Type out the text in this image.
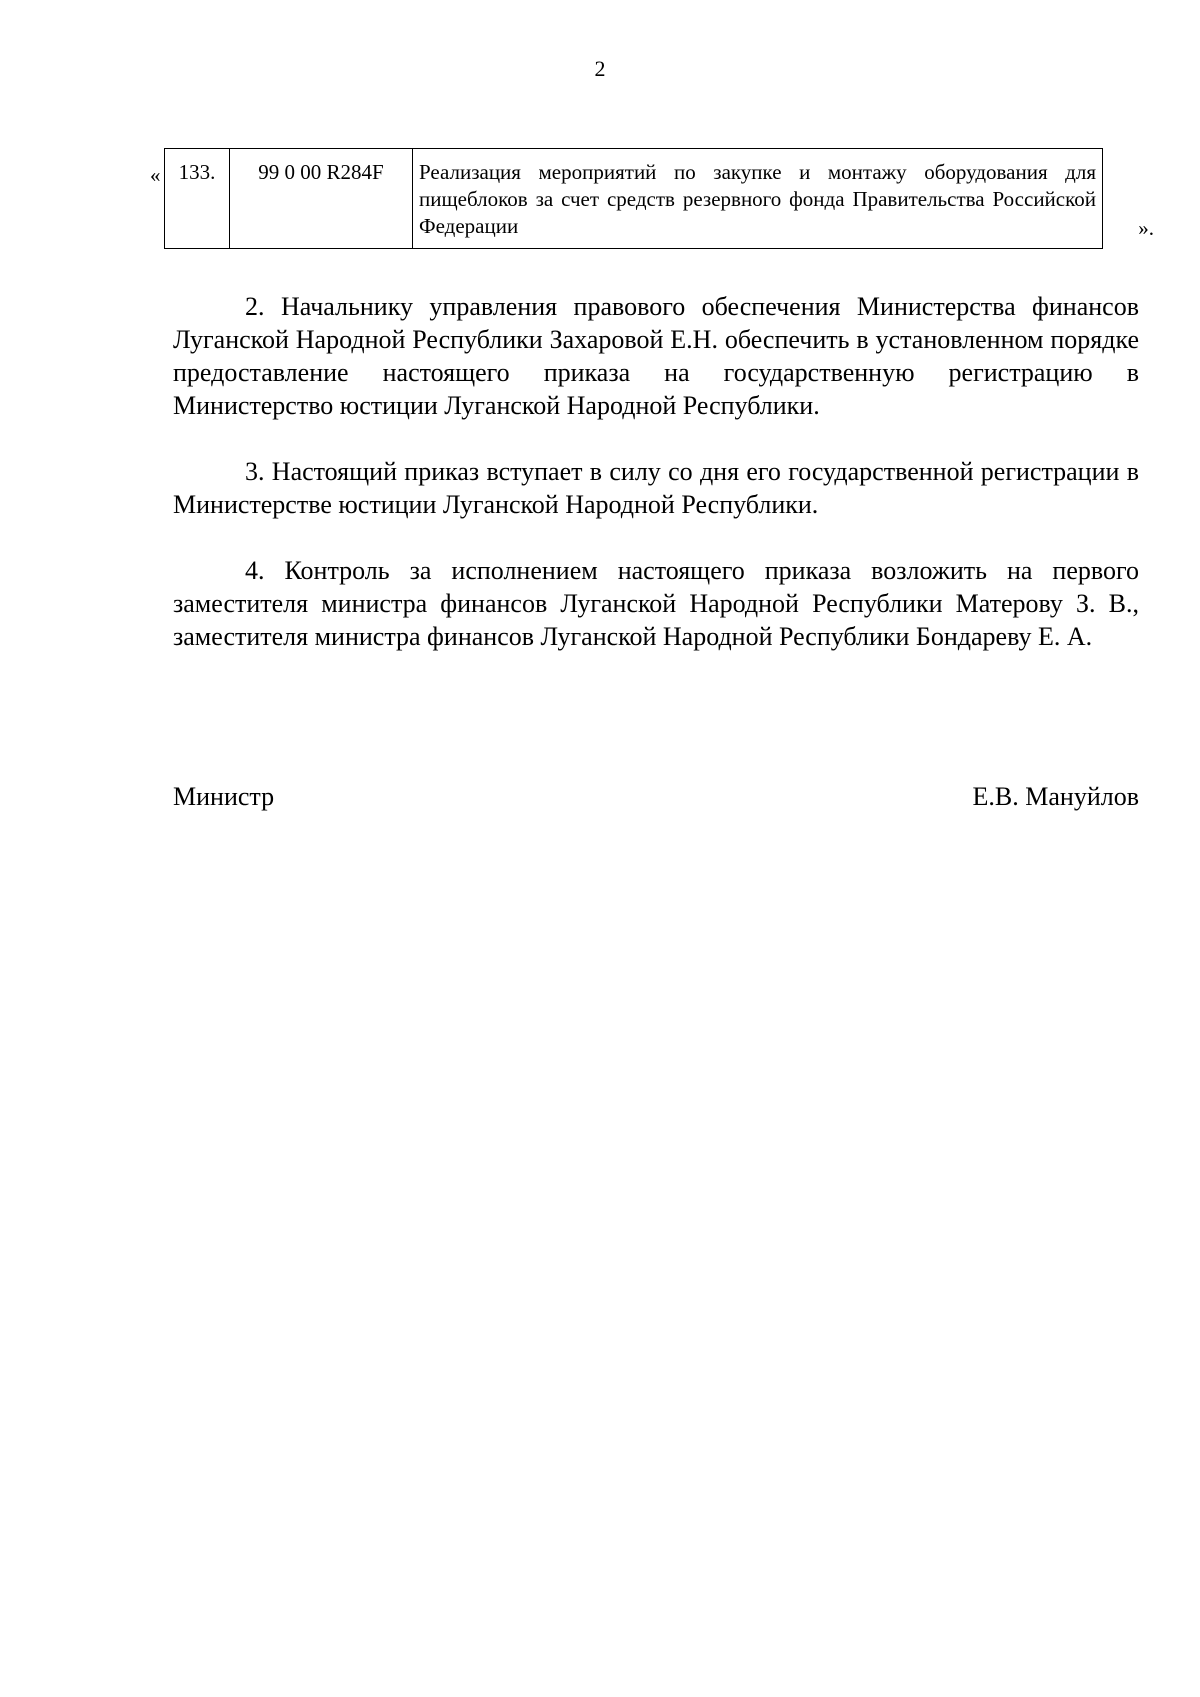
2
« 133.	99 0 00 R284F	Реализация мероприятий по закупке и монтажу оборудования для пищеблоков за счет средств резервного фонда Правительства Российской Федерации	».

2. Начальнику управления правового обеспечения Министерства финансов Луганской Народной Республики Захаровой Е.Н. обеспечить в установленном порядке предоставление настоящего приказа на государственную регистрацию в Министерство юстиции Луганской Народной Республики.

3. Настоящий приказ вступает в силу со дня его государственной регистрации в Министерстве юстиции Луганской Народной Республики.

4. Контроль за исполнением настоящего приказа возложить на первого заместителя министра финансов Луганской Народной Республики Матерову З. В., заместителя министра финансов Луганской Народной Республики Бондареву Е. А.

Министр	Е.В. Мануйлов
